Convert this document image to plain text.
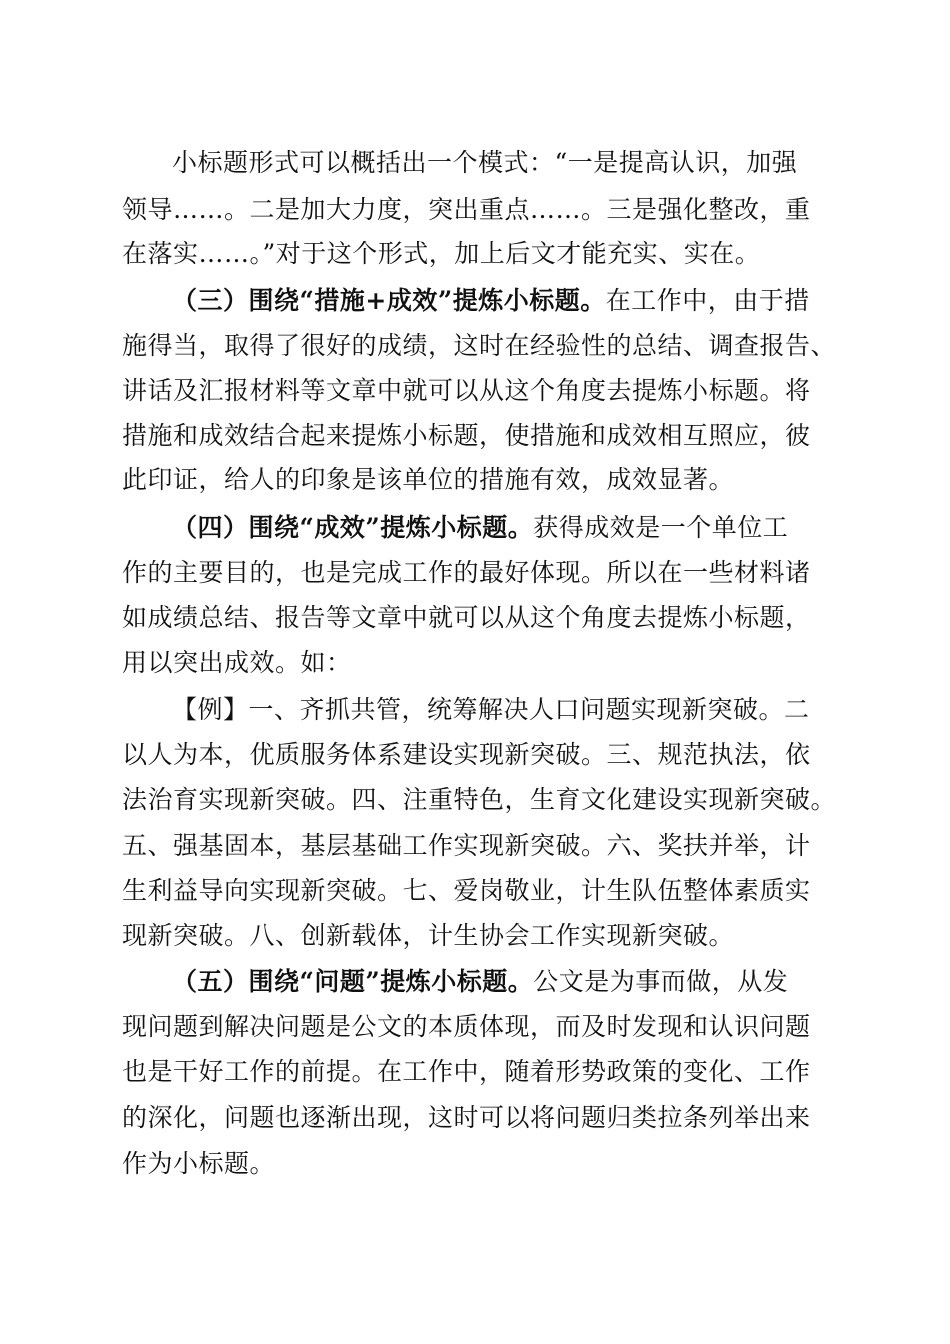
小标题形式可以概括出一个模式：“一是提高认识，加强
领导……。二是加大力度，突出重点……。三是强化整改，重
在落实……。”对于这个形式，加上后文才能充实、实在。
（三）围绕“措施+成效”提炼小标题。在工作中，由于措
施得当，取得了很好的成绩，这时在经验性的总结、调查报告、
讲话及汇报材料等文章中就可以从这个角度去提炼小标题。将
措施和成效结合起来提炼小标题，使措施和成效相互照应，彼
此印证，给人的印象是该单位的措施有效，成效显著。
（四）围绕“成效”提炼小标题。获得成效是一个单位工
作的主要目的，也是完成工作的最好体现。所以在一些材料诸
如成绩总结、报告等文章中就可以从这个角度去提炼小标题，
用以突出成效。如：
【例】一、齐抓共管，统筹解决人口问题实现新突破。二
以人为本，优质服务体系建设实现新突破。三、规范执法，依
法治育实现新突破。四、注重特色，生育文化建设实现新突破。
五、强基固本，基层基础工作实现新突破。六、奖扶并举，计
生利益导向实现新突破。七、爱岗敬业，计生队伍整体素质实
现新突破。八、创新载体，计生协会工作实现新突破。
（五）围绕“问题”提炼小标题。公文是为事而做，从发
现问题到解决问题是公文的本质体现，而及时发现和认识问题
也是干好工作的前提。在工作中，随着形势政策的变化、工作
的深化，问题也逐渐出现，这时可以将问题归类拉条列举出来
作为小标题。
